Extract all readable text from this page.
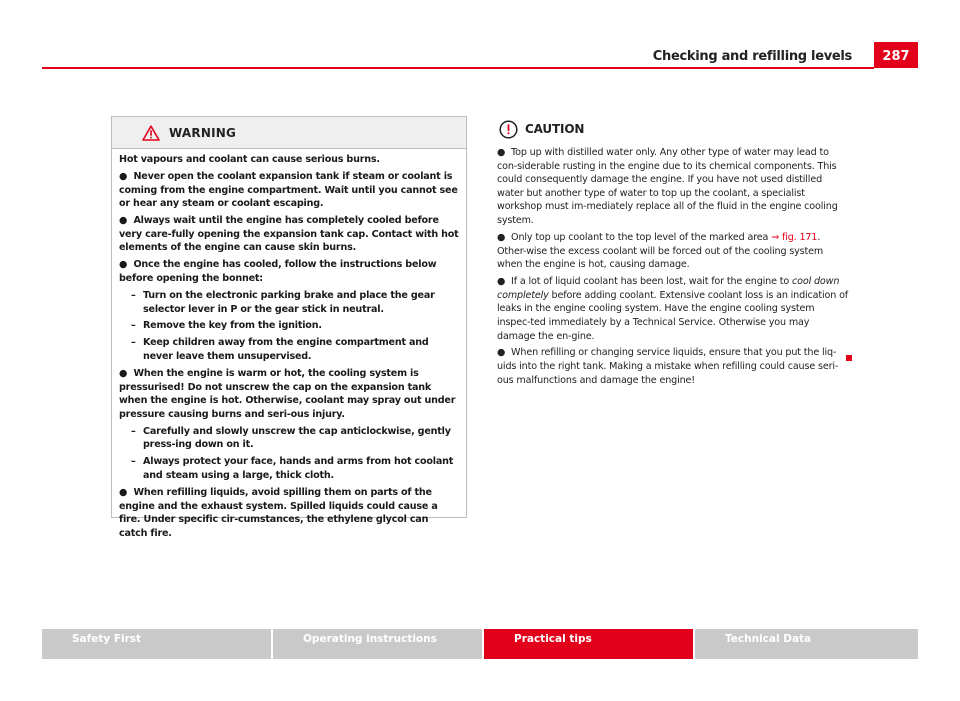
Checking and refilling levels	287
WARNING

Hot vapours and coolant can cause serious burns.

● Never open the coolant expansion tank if steam or coolant is coming from the engine compartment. Wait until you cannot see or hear any steam or coolant escaping.

● Always wait until the engine has completely cooled before very care-fully opening the expansion tank cap. Contact with hot elements of the engine can cause skin burns.

● Once the engine has cooled, follow the instructions below before opening the bonnet:

– Turn on the electronic parking brake and place the gear selector lever in P or the gear stick in neutral.

– Remove the key from the ignition.

– Keep children away from the engine compartment and never leave them unsupervised.

● When the engine is warm or hot, the cooling system is pressurised! Do not unscrew the cap on the expansion tank when the engine is hot. Otherwise, coolant may spray out under pressure causing burns and seri-ous injury.

– Carefully and slowly unscrew the cap anticlockwise, gently press-ing down on it.

– Always protect your face, hands and arms from hot coolant and steam using a large, thick cloth.

● When refilling liquids, avoid spilling them on parts of the engine and the exhaust system. Spilled liquids could cause a fire. Under specific cir-cumstances, the ethylene glycol can catch fire.

CAUTION

● Top up with distilled water only. Any other type of water may lead to con-siderable rusting in the engine due to its chemical components. This could consequently damage the engine. If you have not used distilled water but another type of water to top up the coolant, a specialist workshop must im-mediately replace all of the fluid in the engine cooling system.

● Only top up coolant to the top level of the marked area ⇒ fig. 171. Other-wise the excess coolant will be forced out of the cooling system when the engine is hot, causing damage.

● If a lot of liquid coolant has been lost, wait for the engine to cool down completely before adding coolant. Extensive coolant loss is an indication of leaks in the engine cooling system. Have the engine cooling system inspec-ted immediately by a Technical Service. Otherwise you may damage the en-gine.

● When refilling or changing service liquids, ensure that you put the liq-uids into the right tank. Making a mistake when refilling could cause seri-ous malfunctions and damage the engine!

Safety First	Operating instructions	Practical tips	Technical Data
